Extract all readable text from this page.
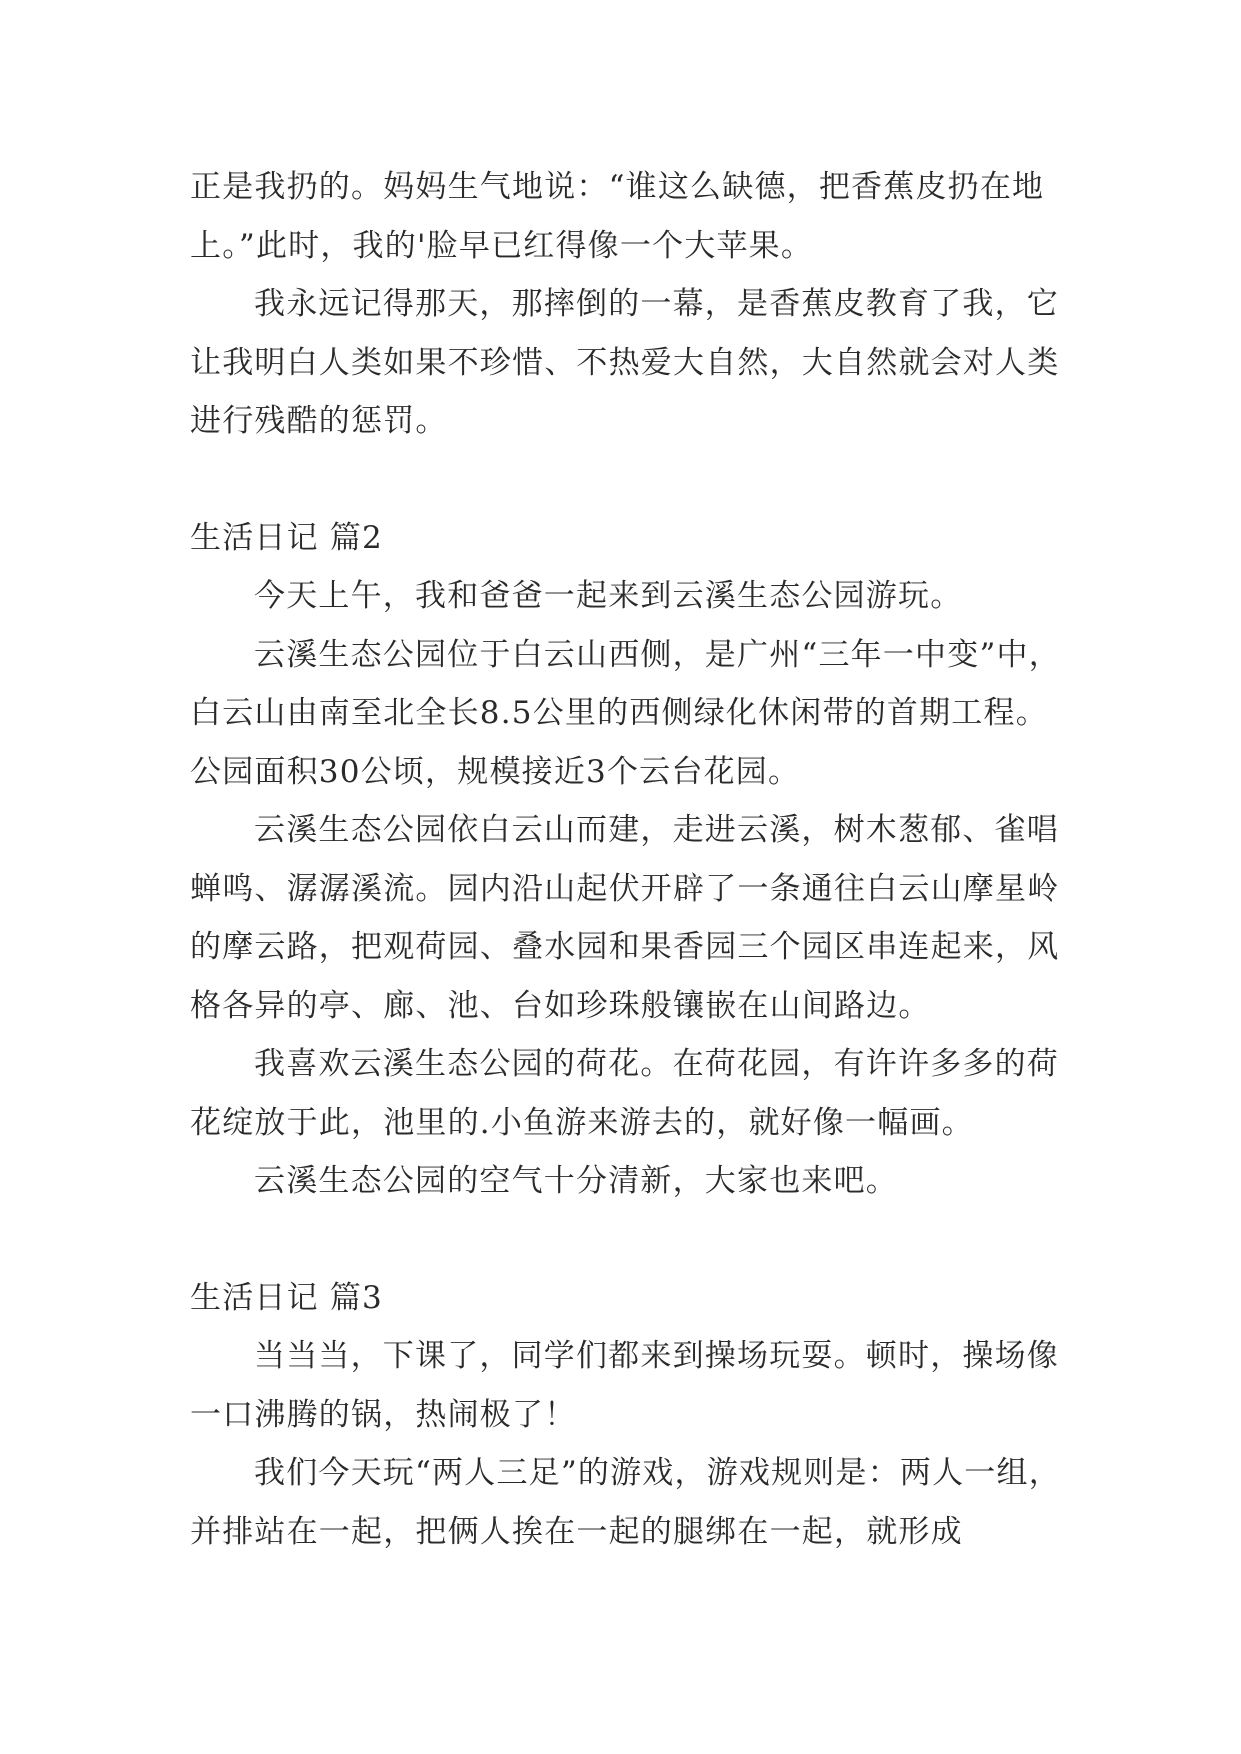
正是我扔的。妈妈生气地说：“谁这么缺德，把香蕉皮扔在地上。”此时，我的'脸早已红得像一个大苹果。

我永远记得那天，那摔倒的一幕，是香蕉皮教育了我，它让我明白人类如果不珍惜、不热爱大自然，大自然就会对人类进行残酷的惩罚。

生活日记 篇2

今天上午，我和爸爸一起来到云溪生态公园游玩。

云溪生态公园位于白云山西侧，是广州“三年一中变”中，白云山由南至北全长8.5公里的西侧绿化休闲带的首期工程。公园面积30公顷，规模接近3个云台花园。

云溪生态公园依白云山而建，走进云溪，树木葱郁、雀唱蝉鸣、潺潺溪流。园内沿山起伏开辟了一条通往白云山摩星岭的摩云路，把观荷园、叠水园和果香园三个园区串连起来，风格各异的亭、廊、池、台如珍珠般镶嵌在山间路边。

我喜欢云溪生态公园的荷花。在荷花园，有许许多多的荷花绽放于此，池里的.小鱼游来游去的，就好像一幅画。

云溪生态公园的空气十分清新，大家也来吧。

生活日记 篇3

当当当，下课了，同学们都来到操场玩耍。顿时，操场像一口沸腾的锅，热闹极了！

我们今天玩“两人三足”的游戏，游戏规则是：两人一组，并排站在一起，把俩人挨在一起的腿绑在一起，就形成
